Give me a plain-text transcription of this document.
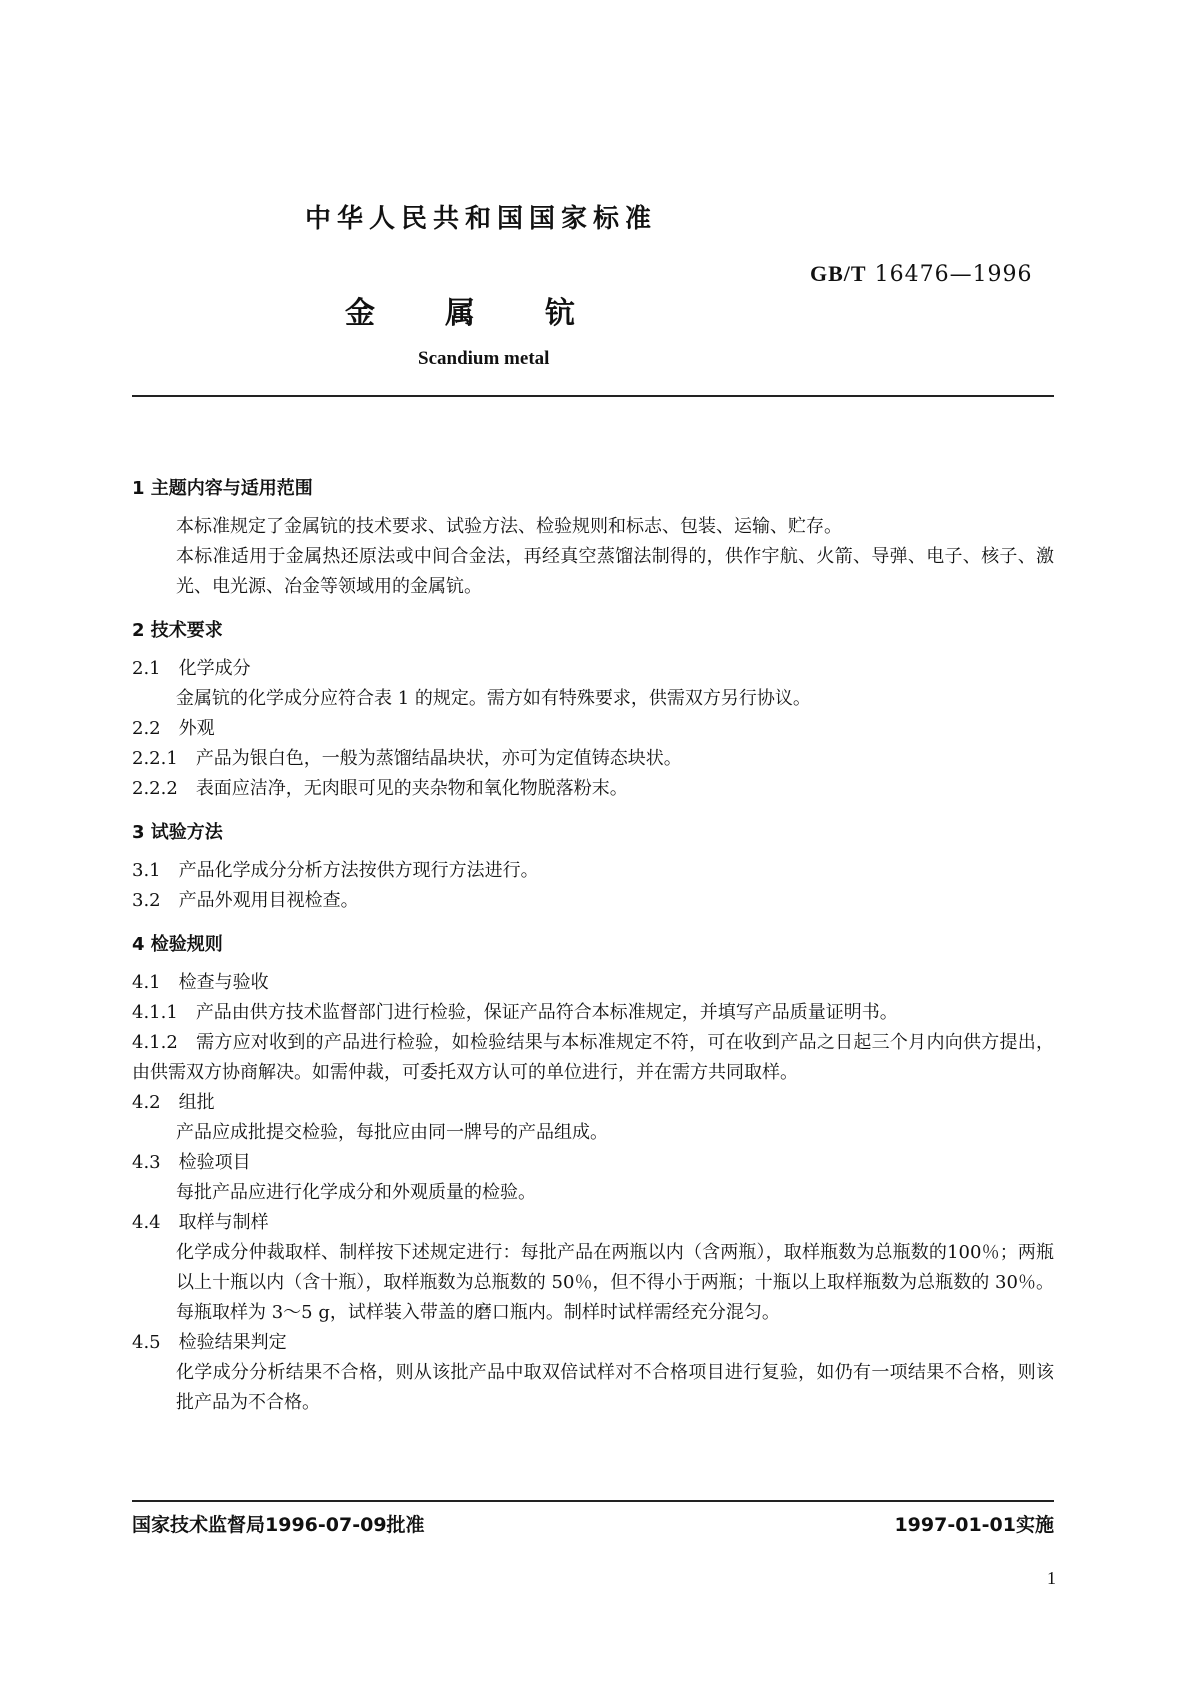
中华人民共和国国家标准
GB/T 16476—1996
金 属 钪
Scandium metal

1 主题内容与适用范围

本标准规定了金属钪的技术要求、试验方法、检验规则和标志、包装、运输、贮存。

本标准适用于金属热还原法或中间合金法，再经真空蒸馏法制得的，供作宇航、火箭、导弹、电子、核子、激光、电光源、冶金等领域用的金属钪。

2 技术要求

2.1 化学成分

金属钪的化学成分应符合表 1 的规定。需方如有特殊要求，供需双方另行协议。

2.2 外观

2.2.1 产品为银白色，一般为蒸馏结晶块状，亦可为定值铸态块状。

2.2.2 表面应洁净，无肉眼可见的夹杂物和氧化物脱落粉末。

3 试验方法

3.1 产品化学成分分析方法按供方现行方法进行。

3.2 产品外观用目视检查。

4 检验规则

4.1 检查与验收

4.1.1 产品由供方技术监督部门进行检验，保证产品符合本标准规定，并填写产品质量证明书。

4.1.2 需方应对收到的产品进行检验，如检验结果与本标准规定不符，可在收到产品之日起三个月内向供方提出，由供需双方协商解决。如需仲裁，可委托双方认可的单位进行，并在需方共同取样。

4.2 组批

产品应成批提交检验，每批应由同一牌号的产品组成。

4.3 检验项目

每批产品应进行化学成分和外观质量的检验。

4.4 取样与制样

化学成分仲裁取样、制样按下述规定进行：每批产品在两瓶以内（含两瓶），取样瓶数为总瓶数的100％；两瓶以上十瓶以内（含十瓶），取样瓶数为总瓶数的 50％，但不得小于两瓶；十瓶以上取样瓶数为总瓶数的 30％。每瓶取样为 3～5 g，试样装入带盖的磨口瓶内。制样时试样需经充分混匀。

4.5 检验结果判定

化学成分分析结果不合格，则从该批产品中取双倍试样对不合格项目进行复验，如仍有一项结果不合格，则该批产品为不合格。

国家技术监督局1996-07-09批准	1997-01-01实施
1
